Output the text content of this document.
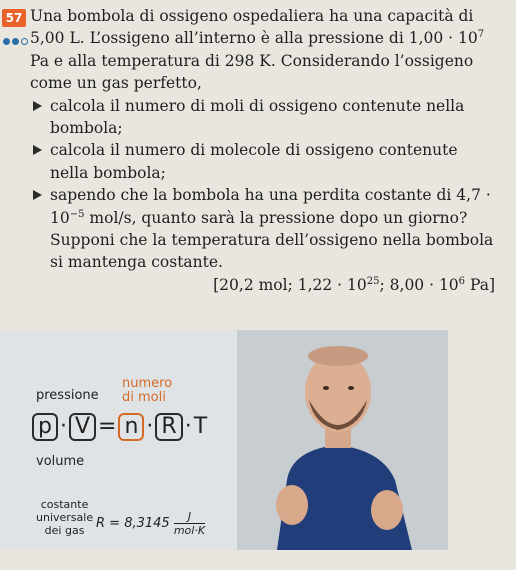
57 Una bombola di ossigeno ospedaliera ha una capacità di 5,00 L. L’ossigeno all’interno è alla pressione di $1,00 \cdot 10^7$ Pa e alla temperatura di 298 K. Considerando l’ossigeno come un gas perfetto,

calcola il numero di moli di ossigeno contenute nella bombola;
calcola il numero di molecole di ossigeno contenute nella bombola;
sapendo che la bombola ha una perdita costante di $4,7 \cdot 10^{-5}$ mol/s, quanto sarà la pressione dopo un giorno? Supponi che la temperatura dell’ossigeno nella bombola si mantenga costante.

[20,2 mol; $1,22 \cdot 10^{25}$; $8,00 \cdot 10^6$ Pa]

numero
pressione di moli
p · V = n · R ·T
volume
costante
universale
dei gas $R = 8,3145 \frac{J}{\text{mol·K}}$
